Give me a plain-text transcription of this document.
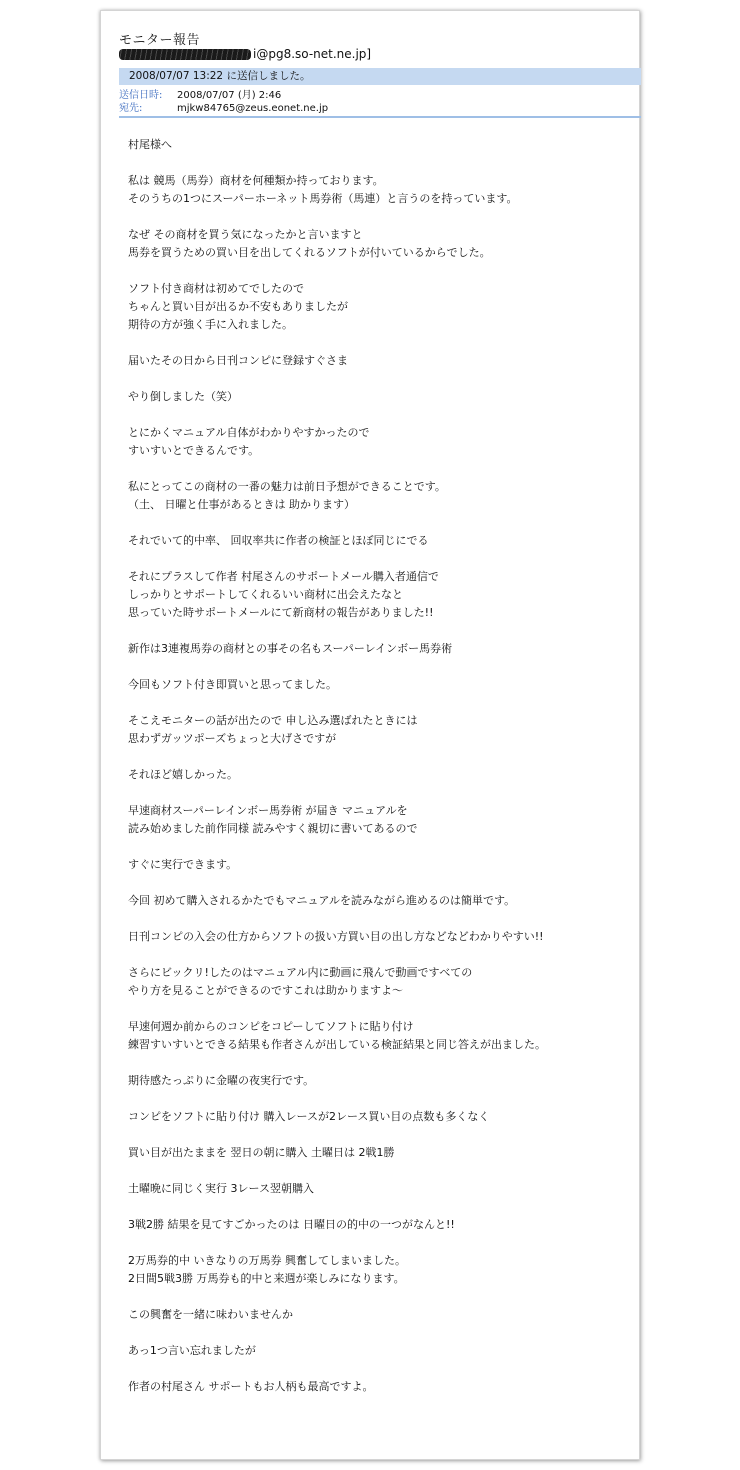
モニター報告
i@pg8.so-net.ne.jp]
2008/07/07 13:22 に送信しました。
送信日時:	2008/07/07 (月) 2:46
宛先:	mjkw84765@zeus.eonet.ne.jp
村尾様へ
私は 競馬（馬券）商材を何種類か持っております。
そのうちの1つにスーパーホーネット馬券術（馬連）と言うのを持っています。
なぜ その商材を買う気になったかと言いますと
馬券を買うための買い目を出してくれるソフトが付いているからでした。
ソフト付き商材は初めてでしたので
ちゃんと買い目が出るか不安もありましたが
期待の方が強く手に入れました。
届いたその日から日刊コンピに登録すぐさま
やり倒しました（笑）
とにかくマニュアル自体がわかりやすかったので
すいすいとできるんです。
私にとってこの商材の一番の魅力は前日予想ができることです。
（土、 日曜と仕事があるときは 助かります）
それでいて的中率、 回収率共に作者の検証とほぼ同じにでる
それにプラスして作者 村尾さんのサポートメール購入者通信で
しっかりとサポートしてくれるいい商材に出会えたなと
思っていた時サポートメールにて新商材の報告がありました!!
新作は3連複馬券の商材との事その名もスーパーレインボー馬券術
今回もソフト付き即買いと思ってました。
そこえモニターの話が出たので 申し込み選ばれたときには
思わずガッツポーズちょっと大げさですが
それほど嬉しかった。
早速商材スーパーレインボー馬券術 が届き マニュアルを
読み始めました前作同様 読みやすく親切に書いてあるので
すぐに実行できます。
今回 初めて購入されるかたでもマニュアルを読みながら進めるのは簡単です。
日刊コンピの入会の仕方からソフトの扱い方買い目の出し方などなどわかりやすい!!
さらにビックリ!したのはマニュアル内に動画に飛んで動画ですべての
やり方を見ることができるのですこれは助かりますよ～
早速何週か前からのコンピをコピーしてソフトに貼り付け
練習すいすいとできる結果も作者さんが出している検証結果と同じ答えが出ました。
期待感たっぷりに金曜の夜実行です。
コンピをソフトに貼り付け 購入レースが2レース買い目の点数も多くなく
買い目が出たままを 翌日の朝に購入 土曜日は 2戦1勝
土曜晩に同じく実行 3レース翌朝購入
3戦2勝 結果を見てすごかったのは 日曜日の的中の一つがなんと!!
2万馬券的中 いきなりの万馬券 興奮してしまいました。
2日間5戦3勝 万馬券も的中と来週が楽しみになります。
この興奮を一緒に味わいませんか
あっ1つ言い忘れましたが
作者の村尾さん サポートもお人柄も最高ですよ。
